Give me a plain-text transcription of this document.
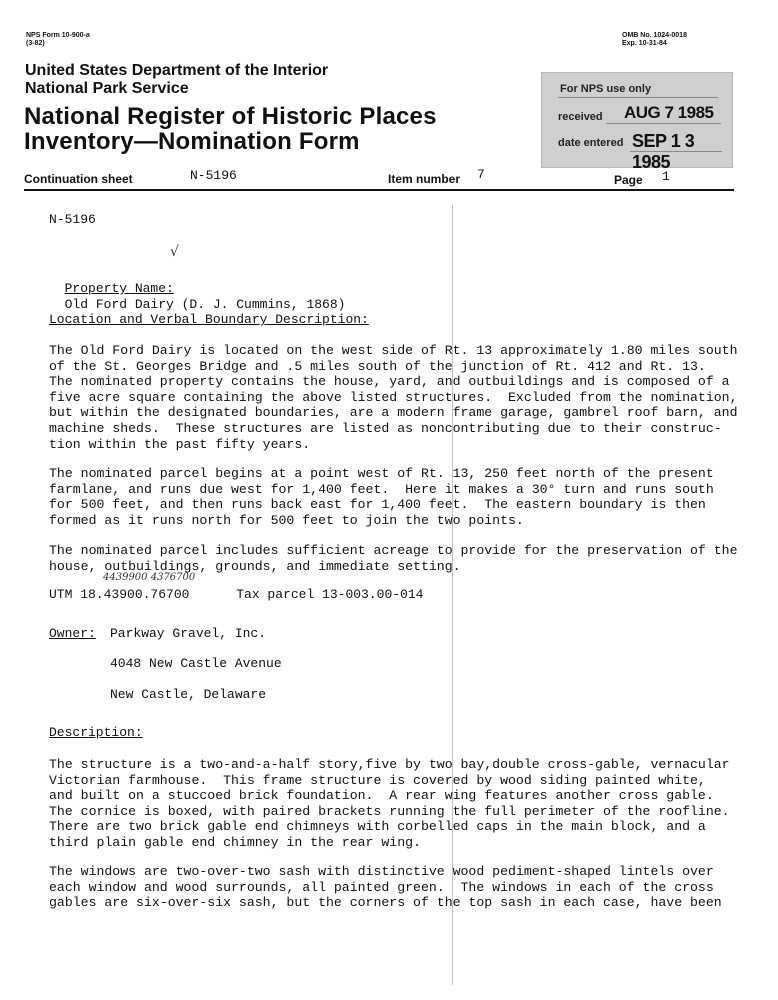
NPS Form 10-900-a
(3-82)
OMB No. 1024-0018
Exp. 10-31-84
United States Department of the Interior
National Park Service
National Register of Historic Places
Inventory—Nomination Form
For NPS use only
received AUG 7 1985
date entered SEP 1 3 1985
Continuation sheet	N-5196	Item number 7	Page 1
N-5196
√

Property Name:
Old Ford Dairy (D. J. Cummins, 1868)

Location and Verbal Boundary Description:
The Old Ford Dairy is located on the west side of Rt. 13 approximately 1.80 miles south
of the St. Georges Bridge and .5 miles south of the junction of Rt. 412 and Rt. 13.
The nominated property contains the house, yard, and outbuildings and is composed of a
five acre square containing the above listed structures.  Excluded from the nomination,
but within the designated boundaries, are a modern frame garage, gambrel roof barn, and
machine sheds.  These structures are listed as noncontributing due to their construc-
tion within the past fifty years.
The nominated parcel begins at a point west of Rt. 13, 250 feet north of the present
farmlane, and runs due west for 1,400 feet.  Here it makes a 30° turn and runs south
for 500 feet, and then runs back east for 1,400 feet.  The eastern boundary is then
formed as it runs north for 500 feet to join the two points.
The nominated parcel includes sufficient acreage to provide for the preservation of the
house, outbuildings, grounds, and immediate setting.
4439900 4376700
UTM 18.43900.76700      Tax parcel 13-003.00-014
Owner: Parkway Gravel, Inc.
4048 New Castle Avenue
New Castle, Delaware
Description:
The structure is a two-and-a-half story,five by two bay,double cross-gable, vernacular
Victorian farmhouse.  This frame structure is covered by wood siding painted white,
and built on a stuccoed brick foundation.  A rear wing features another cross gable.
The cornice is boxed, with paired brackets running the full perimeter of the roofline.
There are two brick gable end chimneys with corbelled caps in the main block, and a
third plain gable end chimney in the rear wing.
The windows are two-over-two sash with distinctive wood pediment-shaped lintels over
each window and wood surrounds, all painted green.  The windows in each of the cross
gables are six-over-six sash, but the corners of the top sash in each case, have been
